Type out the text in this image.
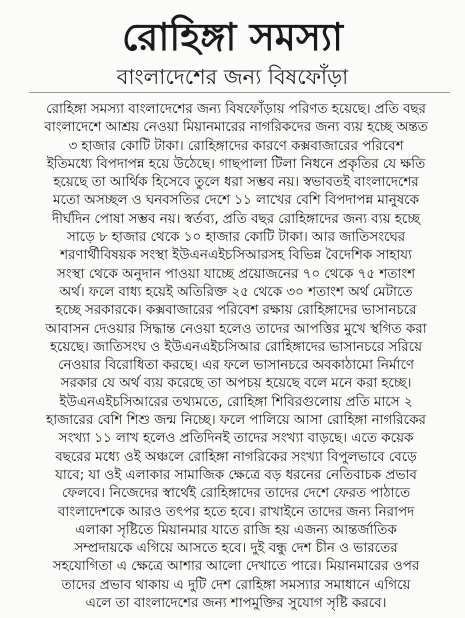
রোহিঙ্গা সমস্যা
বাংলাদেশের জন্য বিষফোঁড়া
রোহিঙ্গা সমস্যা বাংলাদেশের জন্য বিষফোঁড়ায় পরিণত হয়েছে। প্রতি বছর
বাংলাদেশে আশ্রয় নেওয়া মিয়ানমারের নাগরিকদের জন্য ব্যয় হচ্ছে অন্তত
৩ হাজার কোটি টাকা। রোহিঙ্গাদের কারণে কক্সবাজারের পরিবেশ
ইতিমধ্যে বিপদাপন্ন হয়ে উঠেছে। গাছপালা টিলা নিধনে প্রকৃতির যে ক্ষতি
হয়েছে তা আর্থিক হিসেবে তুলে ধরা সম্ভব নয়। স্বভাবতই বাংলাদেশের
মতো অসচ্ছল ও ঘনবসতির দেশে ১১ লাখের বেশি বিপদাপন্ন মানুষকে
দীর্ঘদিন পোষা সম্ভব নয়। স্বর্তব্য, প্রতি বছর রোহিঙ্গাদের জন্য ব্যয় হচ্ছে
সাড়ে ৮ হাজার থেকে ১০ হাজার কোটি টাকা। আর জাতিসংঘের
শরণার্থীবিষয়ক সংস্থা ইউএনএইচসিআরসহ বিভিন্ন বৈদেশিক সাহায্য
সংস্থা থেকে অনুদান পাওয়া যাচ্ছে প্রয়োজনের ৭০ থেকে ৭৫ শতাংশ
অর্থ। ফলে বাধ্য হয়েই অতিরিক্ত ২৫ থেকে ৩০ শতাংশ অর্থ মেটাতে
হচ্ছে সরকারকে। কক্সবাজারের পরিবেশ রক্ষায় রোহিঙ্গাদের ভাসানচরে
আবাসন দেওয়ার সিদ্ধান্ত নেওয়া হলেও তাদের আপত্তির মুখে স্থগিত করা
হয়েছে। জাতিসংঘ ও ইউএনএইচসিআর রোহিঙ্গাদের ভাসানচরে সরিয়ে
নেওয়ার বিরোধিতা করছে। এর ফলে ভাসানচরে অবকাঠামো নির্মাণে
সরকার যে অর্থ ব্যয় করেছে তা অপচয় হয়েছে বলে মনে করা হচ্ছে।
ইউএনএইচসিআরের তথ্যমতে, রোহিঙ্গা শিবিরগুলোয় প্রতি মাসে ২
হাজারের বেশি শিশু জন্ম নিচ্ছে। ফলে পালিয়ে আসা রোহিঙ্গা নাগরিকের
সংখ্যা ১১ লাখ হলেও প্রতিদিনই তাদের সংখ্যা বাড়ছে। এতে কয়েক
বছরের মধ্যে ওই অঞ্চলে রোহিঙ্গা নাগরিকের সংখ্যা বিপুলভাবে বেড়ে
যাবে; যা ওই এলাকার সামাজিক ক্ষেত্রে বড় ধরনের নেতিবাচক প্রভাব
ফেলবে। নিজেদের স্বার্থেই রোহিঙ্গাদের তাদের দেশে ফেরত পাঠাতে
বাংলাদেশকে আরও তৎপর হতে হবে। রাখাইনে তাদের জন্য নিরাপদ
এলাকা সৃষ্টিতে মিয়ানমার যাতে রাজি হয় এজন্য আন্তর্জাতিক
সম্প্রদায়কে এগিয়ে আসতে হবে। দুই বন্ধু দেশ চীন ও ভারতের
সহযোগিতা এ ক্ষেত্রে আশার আলো দেখাতে পারে। মিয়ানমারের ওপর
তাদের প্রভাব থাকায় এ দুটি দেশ রোহিঙ্গা সমস্যার সমাধানে এগিয়ে
এলে তা বাংলাদেশের জন্য শাপমুক্তির সুযোগ সৃষ্টি করবে।
